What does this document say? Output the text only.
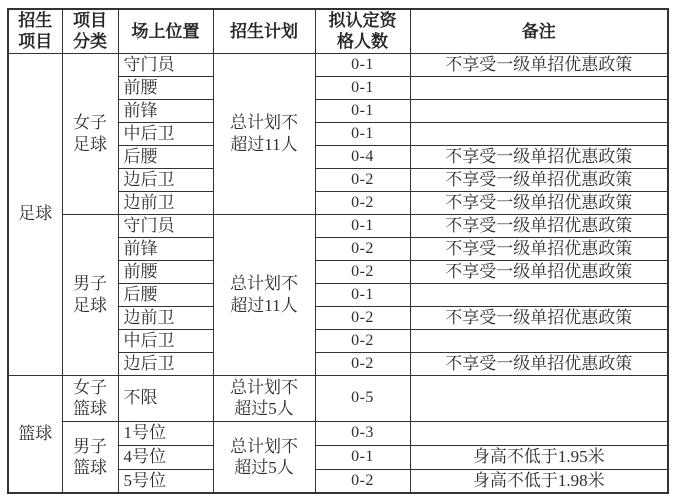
招生项目	项目分类	场上位置	招生计划	拟认定资格人数	备注
足球	女子足球	守门员	总计划不超过11人	0-1	不享受一级单招优惠政策
		前腰		0-1	
		前锋		0-1	
		中后卫		0-1	
		后腰		0-4	不享受一级单招优惠政策
		边后卫		0-2	不享受一级单招优惠政策
		边前卫		0-2	不享受一级单招优惠政策
	男子足球	守门员	总计划不超过11人	0-1	不享受一级单招优惠政策
		前锋		0-2	不享受一级单招优惠政策
		前腰		0-2	不享受一级单招优惠政策
		后腰		0-1	
		边前卫		0-2	不享受一级单招优惠政策
		中后卫		0-2	
		边后卫		0-2	不享受一级单招优惠政策
篮球	女子篮球	不限	总计划不超过5人	0-5	
	男子篮球	1号位	总计划不超过5人	0-3	
		4号位		0-1	身高不低于1.95米
		5号位		0-2	身高不低于1.98米
